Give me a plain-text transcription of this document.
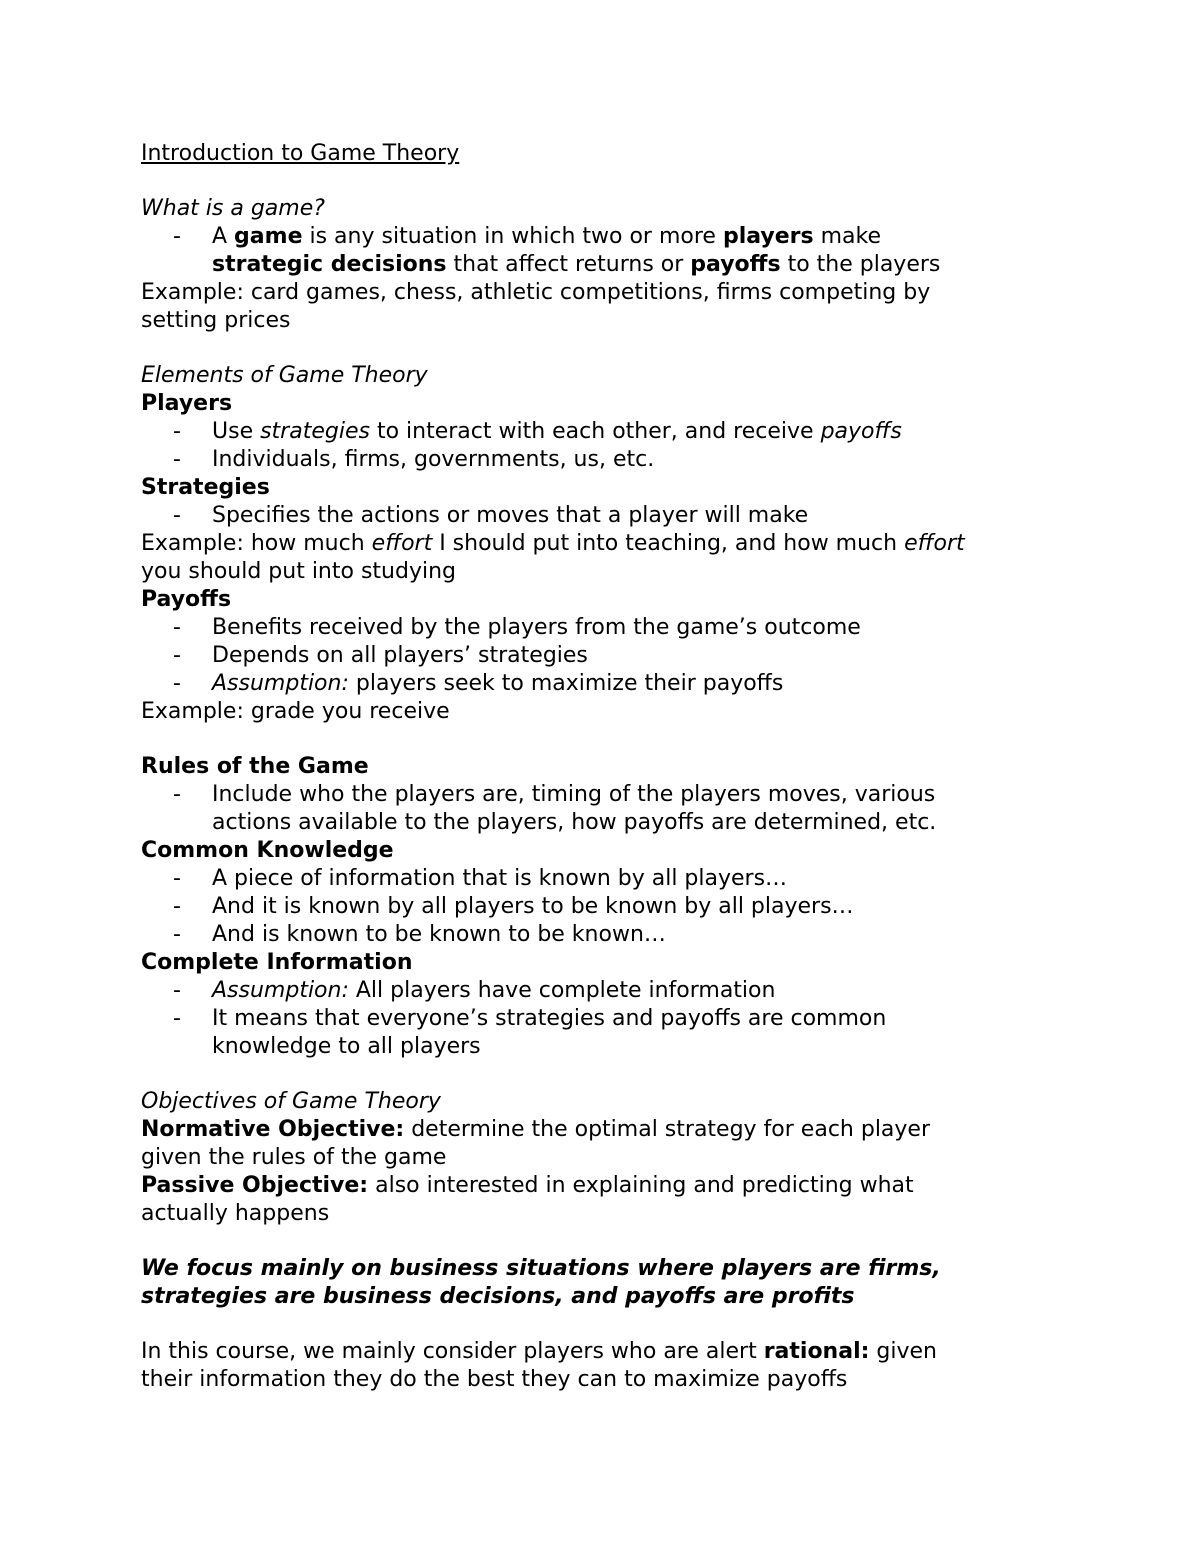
Introduction to Game Theory

What is a game?

- A game is any situation in which two or more players make

strategic decisions that affect returns or payoffs to the players

Example: card games, chess, athletic competitions, firms competing by

setting prices

Elements of Game Theory

Players

- Use strategies to interact with each other, and receive payoffs

- Individuals, firms, governments, us, etc.

Strategies

- Specifies the actions or moves that a player will make

Example: how much effort I should put into teaching, and how much effort

you should put into studying

Payoffs

- Benefits received by the players from the game’s outcome

- Depends on all players’ strategies

- Assumption: players seek to maximize their payoffs

Example: grade you receive

Rules of the Game

- Include who the players are, timing of the players moves, various

actions available to the players, how payoffs are determined, etc.

Common Knowledge

- A piece of information that is known by all players…

- And it is known by all players to be known by all players…

- And is known to be known to be known…

Complete Information

- Assumption: All players have complete information

- It means that everyone’s strategies and payoffs are common

knowledge to all players

Objectives of Game Theory

Normative Objective: determine the optimal strategy for each player

given the rules of the game

Passive Objective: also interested in explaining and predicting what

actually happens

We focus mainly on business situations where players are firms,

strategies are business decisions, and payoffs are profits

In this course, we mainly consider players who are alert rational: given

their information they do the best they can to maximize payoffs
